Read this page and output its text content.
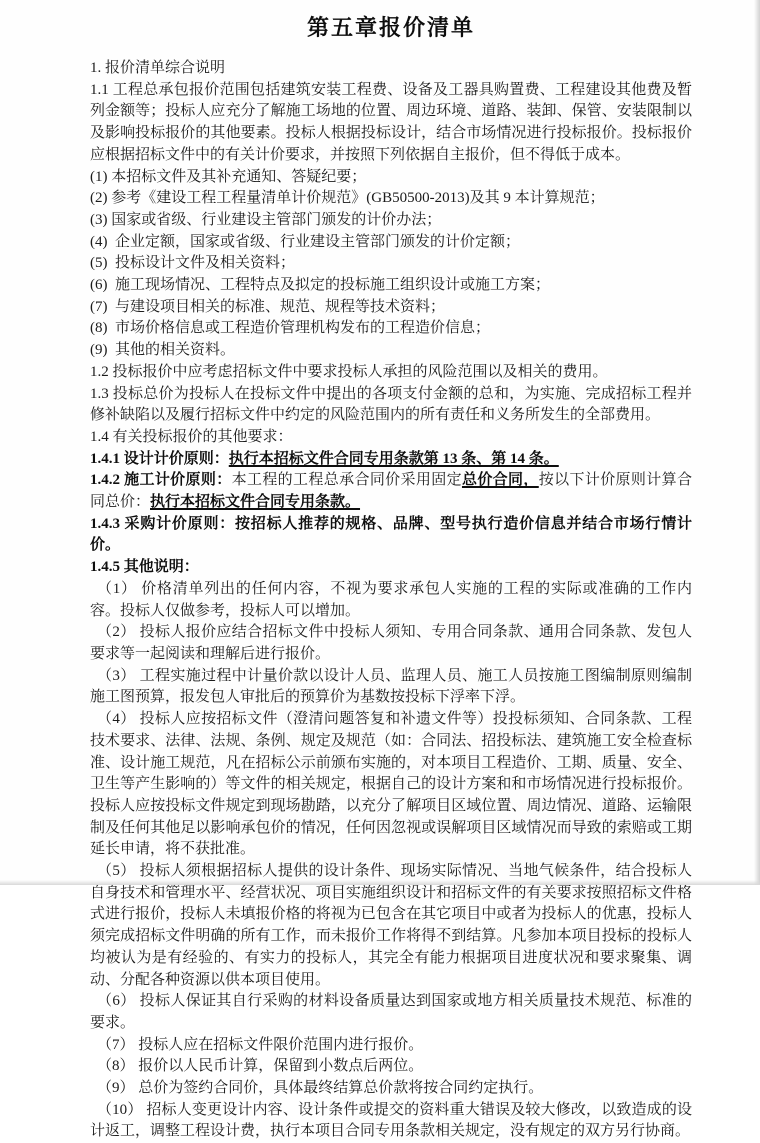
第五章报价清单

1. 报价清单综合说明

1.1 工程总承包报价范围包括建筑安装工程费、设备及工器具购置费、工程建设其他费及暂列金额等；投标人应充分了解施工场地的位置、周边环境、道路、装卸、保管、安装限制以及影响投标报价的其他要素。投标人根据投标设计，结合市场情况进行投标报价。投标报价应根据招标文件中的有关计价要求，并按照下列依据自主报价，但不得低于成本。

(1) 本招标文件及其补充通知、答疑纪要；

(2) 参考《建设工程工程量清单计价规范》(GB50500-2013)及其 9 本计算规范；

(3) 国家或省级、行业建设主管部门颁发的计价办法；

(4)  企业定额，国家或省级、行业建设主管部门颁发的计价定额；

(5)  投标设计文件及相关资料；

(6)  施工现场情况、工程特点及拟定的投标施工组织设计或施工方案；

(7)  与建设项目相关的标准、规范、规程等技术资料；

(8)  市场价格信息或工程造价管理机构发布的工程造价信息；

(9)  其他的相关资料。

1.2 投标报价中应考虑招标文件中要求投标人承担的风险范围以及相关的费用。

1.3 投标总价为投标人在投标文件中提出的各项支付金额的总和，为实施、完成招标工程并修补缺陷以及履行招标文件中约定的风险范围内的所有责任和义务所发生的全部费用。

1.4 有关投标报价的其他要求：

1.4.1 设计计价原则：执行本招标文件合同专用条款第 13 条、第 14 条。

1.4.2 施工计价原则：本工程的工程总承合同价采用固定总价合同，按以下计价原则计算合同总价：执行本招标文件合同专用条款。

1.4.3 采购计价原则：按招标人推荐的规格、品牌、型号执行造价信息并结合市场行情计价。

1.4.5 其他说明：

（1） 价格清单列出的任何内容，不视为要求承包人实施的工程的实际或准确的工作内容。投标人仅做参考，投标人可以增加。

（2） 投标人报价应结合招标文件中投标人须知、专用合同条款、通用合同条款、发包人要求等一起阅读和理解后进行报价。

（3） 工程实施过程中计量价款以设计人员、监理人员、施工人员按施工图编制原则编制施工图预算，报发包人审批后的预算价为基数按投标下浮率下浮。

（4） 投标人应按招标文件（澄清问题答复和补遗文件等）投投标须知、合同条款、工程技术要求、法律、法规、条例、规定及规范（如：合同法、招投标法、建筑施工安全检查标准、设计施工规范，凡在招标公示前颁布实施的，对本项目工程造价、工期、质量、安全、卫生等产生影响的）等文件的相关规定，根据自己的设计方案和和市场情况进行投标报价。投标人应按投标文件规定到现场勘踏，以充分了解项目区域位置、周边情况、道路、运输限制及任何其他足以影响承包价的情况，任何因忽视或误解项目区域情况而导致的索赔或工期延长申请，将不获批准。

（5） 投标人须根据招标人提供的设计条件、现场实际情况、当地气候条件，结合投标人自身技术和管理水平、经营状况、项目实施组织设计和招标文件的有关要求按照招标文件格式进行报价，投标人未填报价格的将视为已包含在其它项目中或者为投标人的优惠，投标人须完成招标文件明确的所有工作，而未报价工作将得不到结算。凡参加本项目投标的投标人均被认为是有经验的、有实力的投标人，其完全有能力根据项目进度状况和要求聚集、调动、分配各种资源以供本项目使用。

（6） 投标人保证其自行采购的材料设备质量达到国家或地方相关质量技术规范、标准的要求。

（7） 投标人应在招标文件限价范围内进行报价。

（8） 报价以人民币计算，保留到小数点后两位。

（9） 总价为签约合同价，具体最终结算总价款将按合同约定执行。

（10） 招标人变更设计内容、设计条件或提交的资料重大错误及较大修改，以致造成的设计返工，调整工程设计费，执行本项目合同专用条款相关规定，没有规定的双方另行协商。
